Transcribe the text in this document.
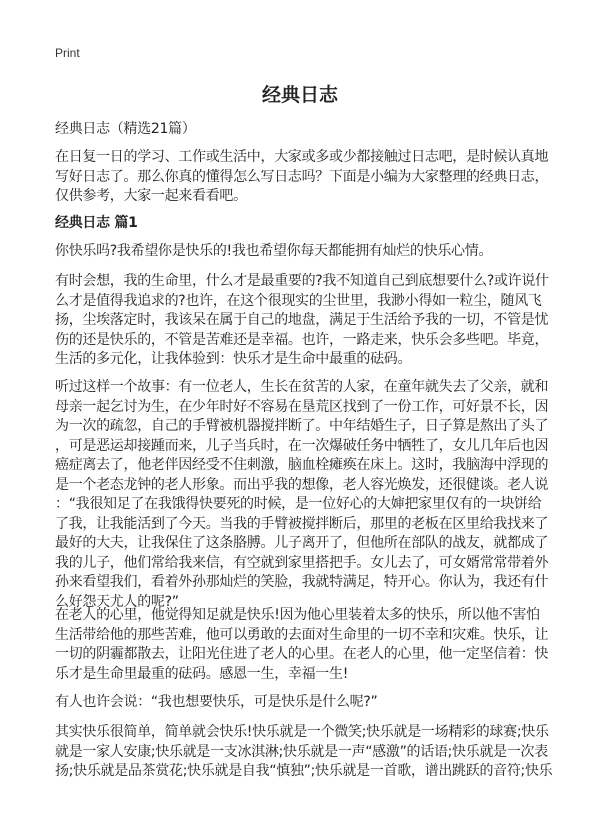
Print
经典日志
经典日志（精选21篇）
在日复一日的学习、工作或生活中，大家或多或少都接触过日志吧，是时候认真地
写好日志了。那么你真的懂得怎么写日志吗？下面是小编为大家整理的经典日志，
仅供参考，大家一起来看看吧。
经典日志 篇1
你快乐吗?我希望你是快乐的!我也希望你每天都能拥有灿烂的快乐心情。
有时会想，我的生命里，什么才是最重要的?我不知道自己到底想要什么?或许说什
么才是值得我追求的?也许，在这个很现实的尘世里，我渺小得如一粒尘，随风飞
扬，尘埃落定时，我该呆在属于自己的地盘，满足于生活给予我的一切，不管是忧
伤的还是快乐的，不管是苦难还是幸福。也许，一路走来，快乐会多些吧。毕竟，
生活的多元化，让我体验到：快乐才是生命中最重的砝码。
听过这样一个故事：有一位老人，生长在贫苦的人家，在童年就失去了父亲，就和
母亲一起乞讨为生，在少年时好不容易在垦荒区找到了一份工作，可好景不长，因
为一次的疏忽，自己的手臂被机器搅拌断了。中年结婚生子，日子算是熬出了头了
，可是恶运却接踵而来，儿子当兵时，在一次爆破任务中牺牲了，女儿几年后也因
癌症离去了，他老伴因经受不住刺激，脑血栓瘫痪在床上。这时，我脑海中浮现的
是一个老态龙钟的老人形象。而出乎我的想像，老人容光焕发，还很健谈。老人说
：“我很知足了在我饿得快要死的时候，是一位好心的大婶把家里仅有的一块饼给
了我，让我能活到了今天。当我的手臂被搅拌断后，那里的老板在区里给我找来了
最好的大夫，让我保住了这条胳膊。儿子离开了，但他所在部队的战友，就都成了
我的儿子，他们常给我来信，有空就到家里搭把手。女儿去了，可女婿常常带着外
孙来看望我们，看着外孙那灿烂的笑脸，我就特满足，特开心。你认为，我还有什
么好怨天尤人的呢?”
在老人的心里，他觉得知足就是快乐!因为他心里装着太多的快乐，所以他不害怕
生活带给他的那些苦难，他可以勇敢的去面对生命里的一切不幸和灾难。快乐，让
一切的阴霾都散去，让阳光住进了老人的心里。在老人的心里，他一定坚信着：快
乐才是生命里最重的砝码。感恩一生，幸福一生!
有人也许会说：“我也想要快乐，可是快乐是什么呢?”
其实快乐很简单，简单就会快乐!快乐就是一个微笑;快乐就是一场精彩的球赛;快乐
就是一家人安康;快乐就是一支冰淇淋;快乐就是一声“感激”的话语;快乐就是一次表
扬;快乐就是品茶赏花;快乐就是自我“慎独”;快乐就是一首歌，谱出跳跃的音符;快乐
